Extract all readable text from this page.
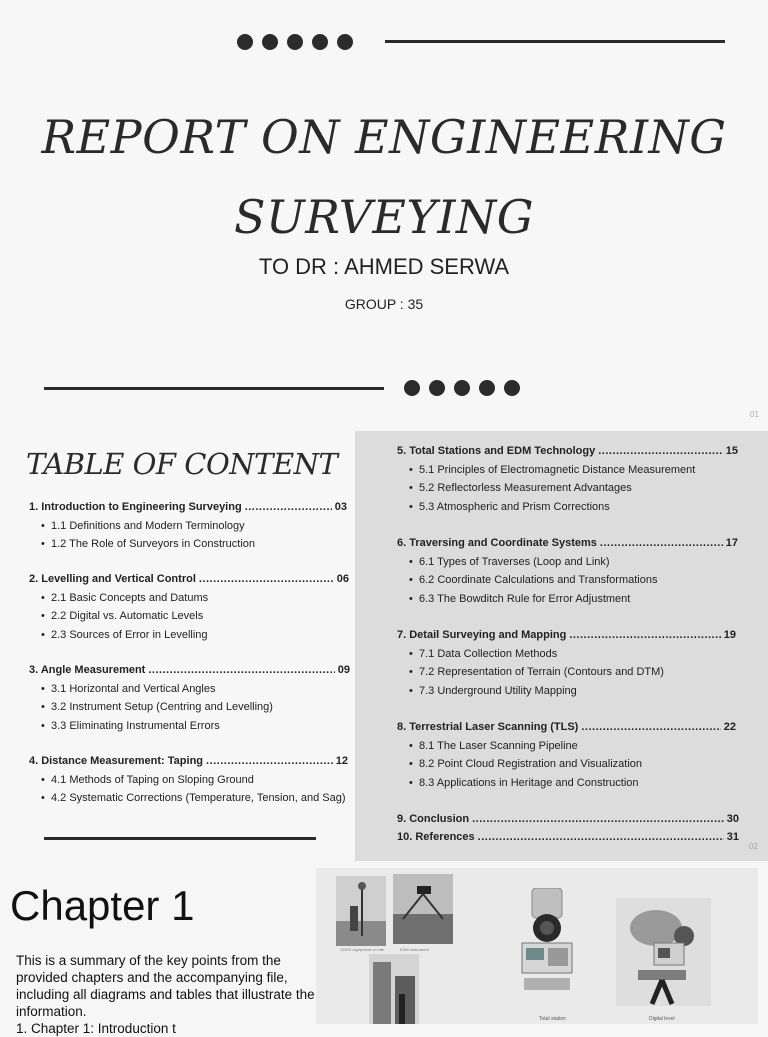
REPORT ON ENGINEERING
SURVEYING
TO DR : AHMED SERWA
GROUP : 35
01
TABLE OF CONTENT
1. Introduction to Engineering Surveying .....	03
• 1.1 Definitions and Modern Terminology
• 1.2 The Role of Surveyors in Construction
2. Levelling and Vertical Control .....	06
• 2.1 Basic Concepts and Datums
• 2.2 Digital vs. Automatic Levels
• 2.3 Sources of Error in Levelling
3. Angle Measurement .....	09
• 3.1 Horizontal and Vertical Angles
• 3.2 Instrument Setup (Centring and Levelling)
• 3.3 Eliminating Instrumental Errors
4. Distance Measurement: Taping .....	12
• 4.1 Methods of Taping on Sloping Ground
• 4.2 Systematic Corrections (Temperature, Tension, and Sag)
5. Total Stations and EDM Technology .....	15
• 5.1 Principles of Electromagnetic Distance Measurement
• 5.2 Reflectorless Measurement Advantages
• 5.3 Atmospheric and Prism Corrections
6. Traversing and Coordinate Systems .....	17
• 6.1 Types of Traverses (Loop and Link)
• 6.2 Coordinate Calculations and Transformations
• 6.3 The Bowditch Rule for Error Adjustment
7. Detail Surveying and Mapping .....	19
• 7.1 Data Collection Methods
• 7.2 Representation of Terrain (Contours and DTM)
• 7.3 Underground Utility Mapping
8. Terrestrial Laser Scanning (TLS) .....	22
• 8.1 The Laser Scanning Pipeline
• 8.2 Point Cloud Registration and Visualization
• 8.3 Applications in Heritage and Construction
9. Conclusion .....	30
10. References .....	31
02
Chapter 1
This is a summary of the key points from the provided chapters and the accompanying file, including all diagrams and tables that illustrate the information.
1. Chapter 1: Introduction t
GNSS equipment on site	EDM instrument
Total station	Digital level
